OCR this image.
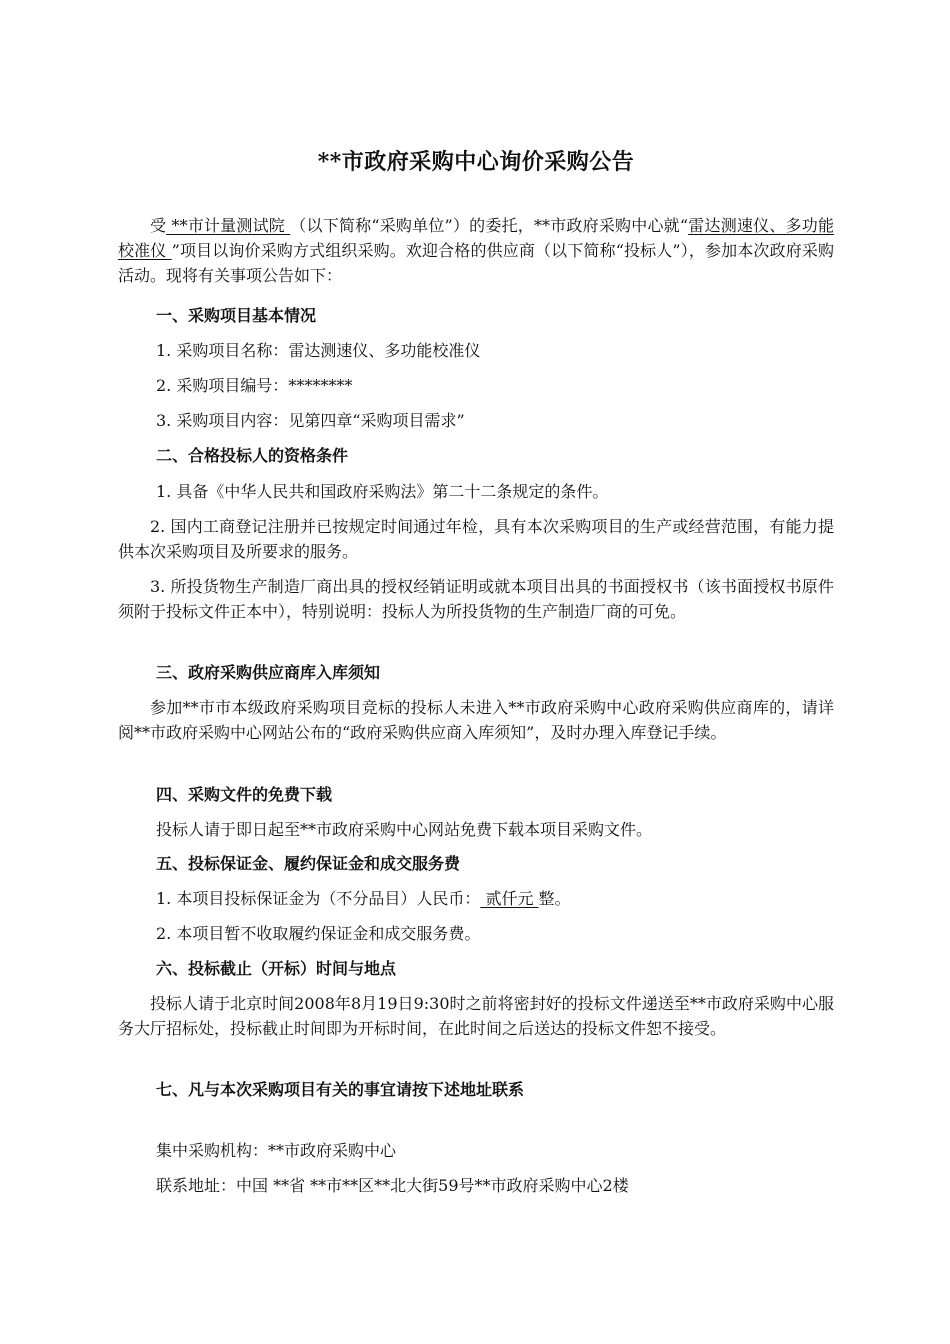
**市政府采购中心询价采购公告
受 **市计量测试院 （以下简称“采购单位”）的委托，**市政府采购中心就“雷达测速仪、多功能校准仪 ”项目以询价采购方式组织采购。欢迎合格的供应商（以下简称“投标人”），参加本次政府采购活动。现将有关事项公告如下：
一、采购项目基本情况
1. 采购项目名称：雷达测速仪、多功能校准仪
2. 采购项目编号：********
3. 采购项目内容：见第四章“采购项目需求”
二、合格投标人的资格条件
1. 具备《中华人民共和国政府采购法》第二十二条规定的条件。
2. 国内工商登记注册并已按规定时间通过年检，具有本次采购项目的生产或经营范围，有能力提供本次采购项目及所要求的服务。
3. 所投货物生产制造厂商出具的授权经销证明或就本项目出具的书面授权书（该书面授权书原件须附于投标文件正本中），特别说明：投标人为所投货物的生产制造厂商的可免。
三、政府采购供应商库入库须知
参加**市市本级政府采购项目竞标的投标人未进入**市政府采购中心政府采购供应商库的，请详阅**市政府采购中心网站公布的“政府采购供应商入库须知”，及时办理入库登记手续。
四、采购文件的免费下载
投标人请于即日起至**市政府采购中心网站免费下载本项目采购文件。
五、投标保证金、履约保证金和成交服务费
1. 本项目投标保证金为（不分品目）人民币： 贰仟元 整。
2. 本项目暂不收取履约保证金和成交服务费。
六、投标截止（开标）时间与地点
投标人请于北京时间2008年8月19日9:30时之前将密封好的投标文件递送至**市政府采购中心服务大厅招标处，投标截止时间即为开标时间，在此时间之后送达的投标文件恕不接受。
七、凡与本次采购项目有关的事宜请按下述地址联系
集中采购机构：**市政府采购中心
联系地址：中国 **省 **市**区**北大街59号**市政府采购中心2楼
